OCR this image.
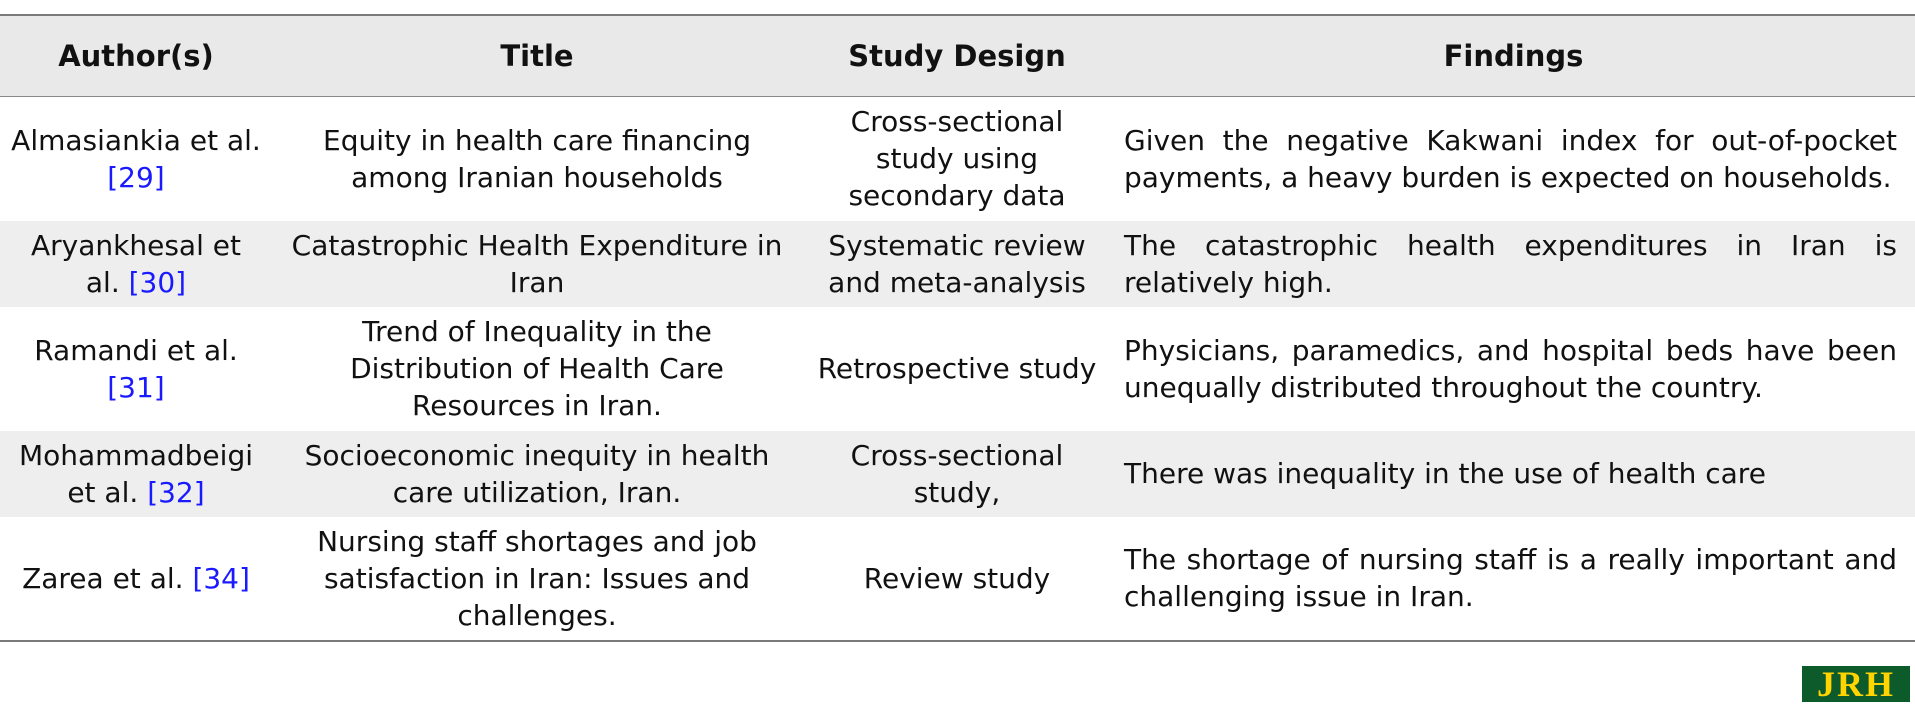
Author(s)	Title	Study Design	Findings
Almasiankia et al. [29]	Equity in health care financing among Iranian households	Cross-sectional study using secondary data	Given the negative Kakwani index for out-of-pocket payments, a heavy burden is expected on households.
Aryankhesal et al. [30]	Catastrophic Health Expenditure in Iran	Systematic review and meta-analysis	The catastrophic health expenditures in Iran is relatively high.
Ramandi et al. [31]	Trend of Inequality in the Distribution of Health Care Resources in Iran.	Retrospective study	Physicians, paramedics, and hospital beds have been unequally distributed throughout the country.
Mohammadbeigi et al. [32]	Socioeconomic inequity in health care utilization, Iran.	Cross-sectional study,	There was inequality in the use of health care
Zarea et al. [34]	Nursing staff shortages and job satisfaction in Iran: Issues and challenges.	Review study	The shortage of nursing staff is a really important and challenging issue in Iran.
JRH
